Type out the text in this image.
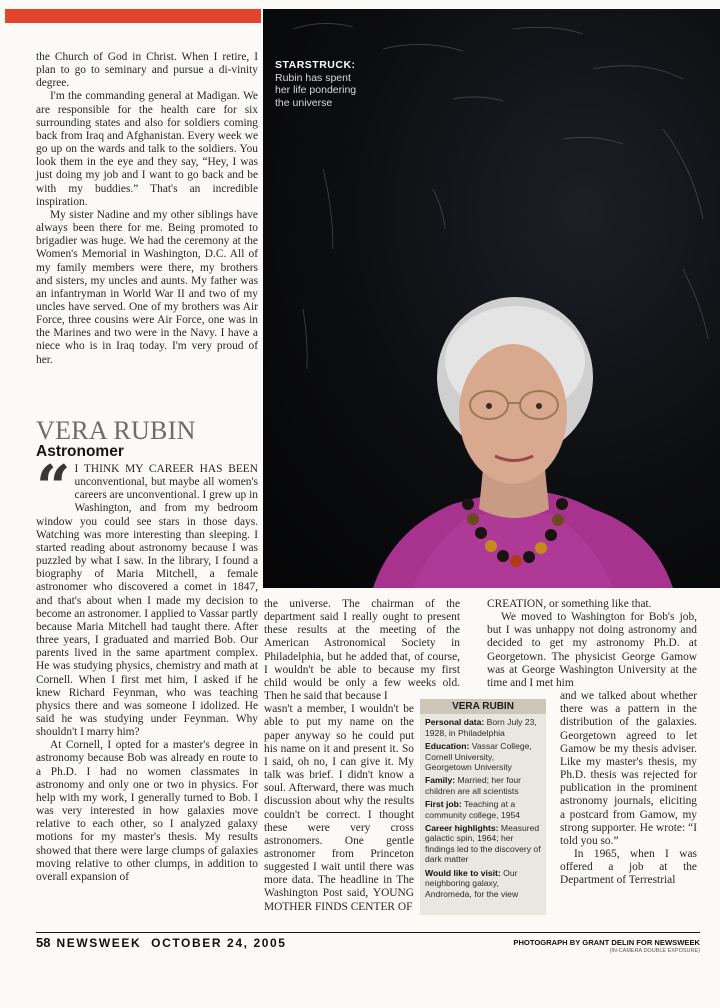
STARSTRUCK:
Rubin has spent
her life pondering
the universe

the Church of God in Christ. When I retire, I plan to go to seminary and pursue a di-vinity degree.

I'm the commanding general at Madigan. We are responsible for the health care for six surrounding states and also for soldiers coming back from Iraq and Afghanistan. Every week we go up on the wards and talk to the soldiers. You look them in the eye and they say, “Hey, I was just doing my job and I want to go back and be with my buddies.” That's an incredible inspiration.

My sister Nadine and my other siblings have always been there for me. Being promoted to brigadier was huge. We had the ceremony at the Women's Memorial in Washington, D.C. All of my family members were there, my brothers and sisters, my uncles and aunts. My father was an infantryman in World War II and two of my uncles have served. One of my brothers was Air Force, three cousins were Air Force, one was in the Marines and two were in the Navy. I have a niece who is in Iraq today. I'm very proud of her.

VERA RUBIN
Astronomer

“ I THINK MY CAREER HAS BEEN unconventional, but maybe all women's careers are unconventional. I grew up in Washington, and from my bedroom window you could see stars in those days. Watching was more interesting than sleeping. I started reading about astronomy because I was puzzled by what I saw. In the library, I found a biography of Maria Mitchell, a female astronomer who discovered a comet in 1847, and that's about when I made my decision to become an astronomer. I applied to Vassar partly because Maria Mitchell had taught there. After three years, I graduated and married Bob. Our parents lived in the same apartment complex. He was studying physics, chemistry and math at Cornell. When I first met him, I asked if he knew Richard Feynman, who was teaching physics there and was someone I idolized. He said he was studying under Feynman. Why shouldn't I marry him?

At Cornell, I opted for a master's degree in astronomy because Bob was already en route to a Ph.D. I had no women classmates in astronomy and only one or two in physics. For help with my work, I generally turned to Bob. I was very interested in how galaxies move relative to each other, so I analyzed galaxy motions for my master's thesis. My results showed that there were large clumps of galaxies moving relative to other clumps, in addition to overall expansion of

the universe. The chairman of the department said I really ought to present these results at the meeting of the American Astronomical Society in Philadelphia, but he added that, of course, I wouldn't be able to because my first child would be only a few weeks old. Then he said that because I

wasn't a member, I wouldn't be able to put my name on the paper anyway so he could put his name on it and present it. So I said, oh no, I can give it. My talk was brief. I didn't know a soul. Afterward, there was much discussion about why the results couldn't be correct. I thought these were very cross astronomers. One gentle astronomer from Princeton suggested I wait until there was more data. The headline in The Washington Post said, YOUNG MOTHER FINDS CENTER OF

CREATION, or something like that.

We moved to Washington for Bob's job, but I was unhappy not doing astronomy and decided to get my astronomy Ph.D. at Georgetown. The physicist George Gamow was at George Washington University at the time and I met him

and we talked about whether there was a pattern in the distribution of the galaxies. Georgetown agreed to let Gamow be my thesis adviser. Like my master's thesis, my Ph.D. thesis was rejected for publication in the prominent astronomy journals, eliciting a postcard from Gamow, my strong supporter. He wrote: “I told you so.”

In 1965, when I was offered a job at the Department of Terrestrial

VERA RUBIN
Personal data: Born July 23, 1928, in Philadelphia
Education: Vassar College, Cornell University, Georgetown University
Family: Married; her four children are all scientists
First job: Teaching at a community college, 1954
Career highlights: Measured galactic spin, 1964; her findings led to the discovery of dark matter
Would like to visit: Our neighboring galaxy, Andromeda, for the view
58 NEWSWEEK  OCTOBER 24, 2005	PHOTOGRAPH BY GRANT DELIN FOR NEWSWEEK
(IN-CAMERA DOUBLE EXPOSURE)
